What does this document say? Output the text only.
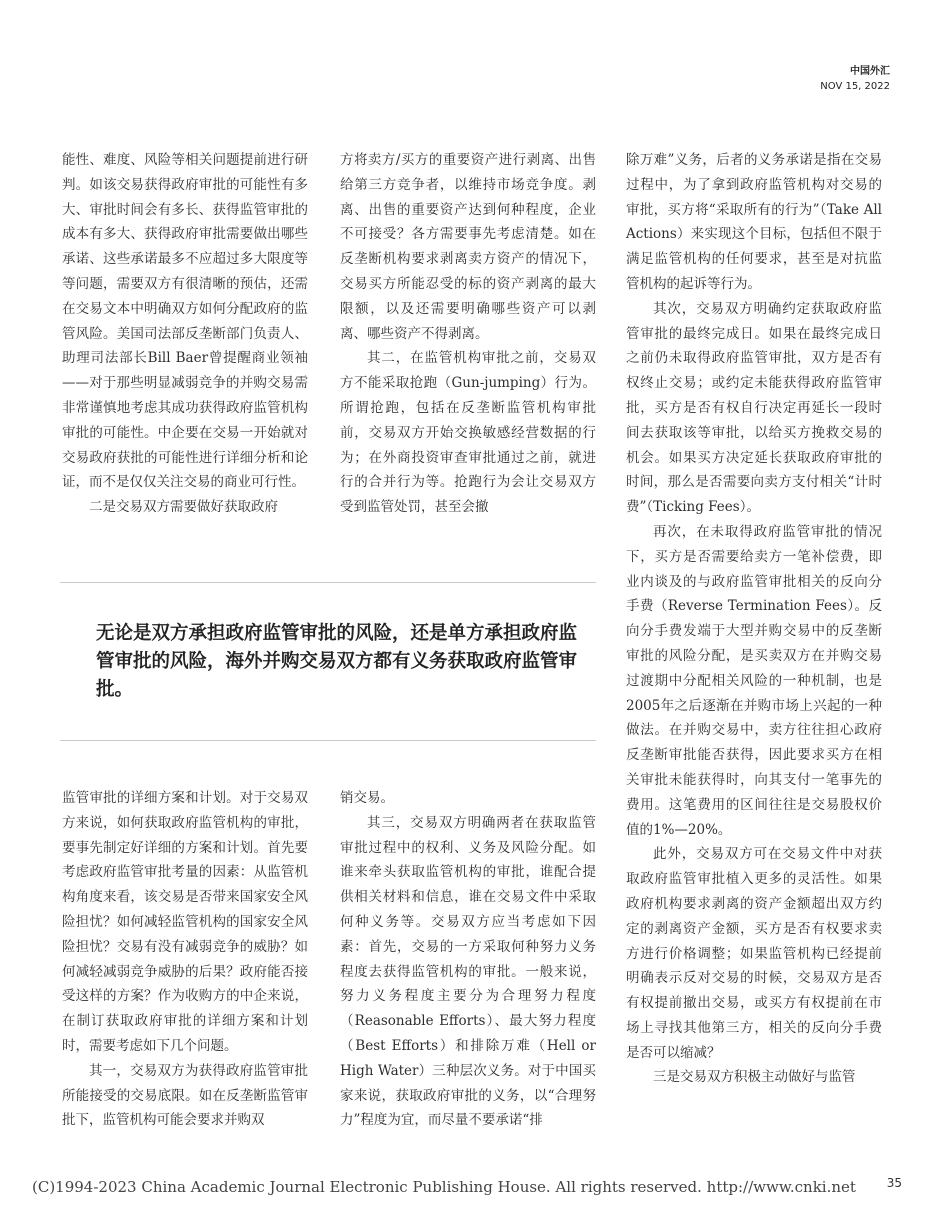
中国外汇
NOV 15, 2022

能性、难度、风险等相关问题提前进行研判。如该交易获得政府审批的可能性有多大、审批时间会有多长、获得监管审批的成本有多大、获得政府审批需要做出哪些承诺、这些承诺最多不应超过多大限度等等问题，需要双方有很清晰的预估，还需在交易文本中明确双方如何分配政府的监管风险。美国司法部反垄断部门负责人、助理司法部长Bill Baer曾提醒商业领袖——对于那些明显减弱竞争的并购交易需非常谨慎地考虑其成功获得政府监管机构审批的可能性。中企要在交易一开始就对交易政府获批的可能性进行详细分析和论证，而不是仅仅关注交易的商业可行性。

二是交易双方需要做好获取政府

方将卖方/买方的重要资产进行剥离、出售给第三方竞争者，以维持市场竞争度。剥离、出售的重要资产达到何种程度，企业不可接受？各方需要事先考虑清楚。如在反垄断机构要求剥离卖方资产的情况下，交易买方所能忍受的标的资产剥离的最大限额，以及还需要明确哪些资产可以剥离、哪些资产不得剥离。

其二，在监管机构审批之前，交易双方不能采取抢跑（Gun-jumping）行为。所谓抢跑，包括在反垄断监管机构审批前，交易双方开始交换敏感经营数据的行为；在外商投资审查审批通过之前，就进行的合并行为等。抢跑行为会让交易双方受到监管处罚，甚至会撤

无论是双方承担政府监管审批的风险，还是单方承担政府监管审批的风险，海外并购交易双方都有义务获取政府监管审批。

监管审批的详细方案和计划。对于交易双方来说，如何获取政府监管机构的审批，要事先制定好详细的方案和计划。首先要考虑政府监管审批考量的因素：从监管机构角度来看，该交易是否带来国家安全风险担忧？如何减轻监管机构的国家安全风险担忧？交易有没有减弱竞争的威胁？如何减轻减弱竞争威胁的后果？政府能否接受这样的方案？作为收购方的中企来说，在制订获取政府审批的详细方案和计划时，需要考虑如下几个问题。

其一，交易双方为获得政府监管审批所能接受的交易底限。如在反垄断监管审批下，监管机构可能会要求并购双

销交易。

其三，交易双方明确两者在获取监管审批过程中的权利、义务及风险分配。如谁来牵头获取监管机构的审批，谁配合提供相关材料和信息，谁在交易文件中采取何种义务等。交易双方应当考虑如下因素：首先，交易的一方采取何种努力义务程度去获得监管机构的审批。一般来说，努力义务程度主要分为合理努力程度（Reasonable Efforts）、最大努力程度（Best Efforts）和排除万难（Hell or High Water）三种层次义务。对于中国买家来说，获取政府审批的义务，以“合理努力”程度为宜，而尽量不要承诺“排

除万难”义务，后者的义务承诺是指在交易过程中，为了拿到政府监管机构对交易的审批，买方将“采取所有的行为”（Take All Actions）来实现这个目标，包括但不限于满足监管机构的任何要求，甚至是对抗监管机构的起诉等行为。

其次，交易双方明确约定获取政府监管审批的最终完成日。如果在最终完成日之前仍未取得政府监管审批，双方是否有权终止交易；或约定未能获得政府监管审批，买方是否有权自行决定再延长一段时间去获取该等审批，以给买方挽救交易的机会。如果买方决定延长获取政府审批的时间，那么是否需要向卖方支付相关“计时费”（Ticking Fees）。

再次，在未取得政府监管审批的情况下，买方是否需要给卖方一笔补偿费，即业内谈及的与政府监管审批相关的反向分手费（Reverse Termination Fees）。反向分手费发端于大型并购交易中的反垄断审批的风险分配，是买卖双方在并购交易过渡期中分配相关风险的一种机制，也是2005年之后逐渐在并购市场上兴起的一种做法。在并购交易中，卖方往往担心政府反垄断审批能否获得，因此要求买方在相关审批未能获得时，向其支付一笔事先的费用。这笔费用的区间往往是交易股权价值的1%—20%。

此外，交易双方可在交易文件中对获取政府监管审批植入更多的灵活性。如果政府机构要求剥离的资产金额超出双方约定的剥离资产金额，买方是否有权要求卖方进行价格调整；如果监管机构已经提前明确表示反对交易的时候，交易双方是否有权提前撤出交易，或买方有权提前在市场上寻找其他第三方，相关的反向分手费是否可以缩减？

三是交易双方积极主动做好与监管

(C)1994-2023 China Academic Journal Electronic Publishing House. All rights reserved. http://www.cnki.net	35
